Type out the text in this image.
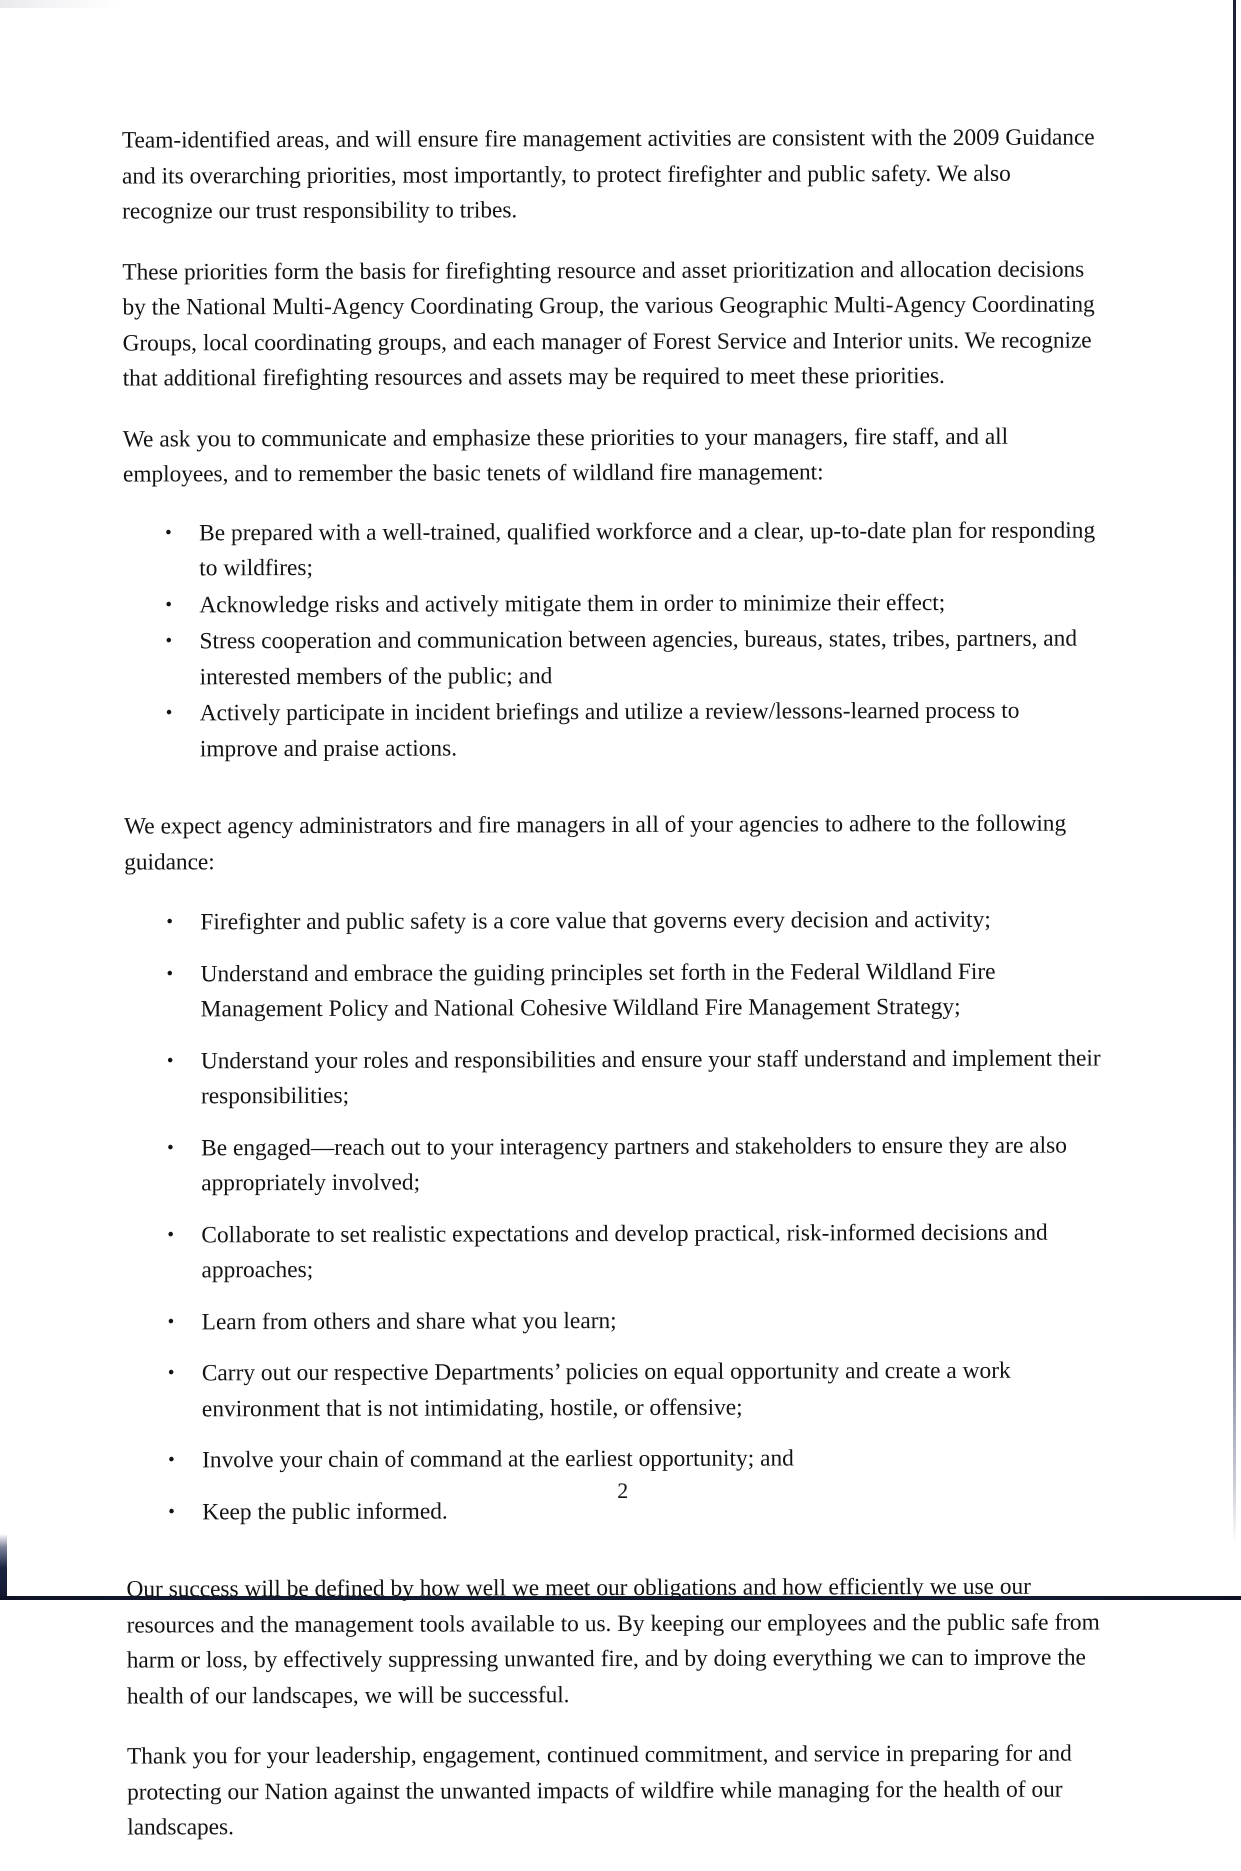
Team-identified areas, and will ensure fire management activities are consistent with the 2009 Guidance and its overarching priorities, most importantly, to protect firefighter and public safety. We also recognize our trust responsibility to tribes.

These priorities form the basis for firefighting resource and asset prioritization and allocation decisions by the National Multi-Agency Coordinating Group, the various Geographic Multi-Agency Coordinating Groups, local coordinating groups, and each manager of Forest Service and Interior units. We recognize that additional firefighting resources and assets may be required to meet these priorities.

We ask you to communicate and emphasize these priorities to your managers, fire staff, and all employees, and to remember the basic tenets of wildland fire management:

• Be prepared with a well-trained, qualified workforce and a clear, up-to-date plan for responding to wildfires;
• Acknowledge risks and actively mitigate them in order to minimize their effect;
• Stress cooperation and communication between agencies, bureaus, states, tribes, partners, and interested members of the public; and
• Actively participate in incident briefings and utilize a review/lessons-learned process to improve and praise actions.

We expect agency administrators and fire managers in all of your agencies to adhere to the following guidance:

• Firefighter and public safety is a core value that governs every decision and activity;
• Understand and embrace the guiding principles set forth in the Federal Wildland Fire Management Policy and National Cohesive Wildland Fire Management Strategy;
• Understand your roles and responsibilities and ensure your staff understand and implement their responsibilities;
• Be engaged—reach out to your interagency partners and stakeholders to ensure they are also appropriately involved;
• Collaborate to set realistic expectations and develop practical, risk-informed decisions and approaches;
• Learn from others and share what you learn;
• Carry out our respective Departments’ policies on equal opportunity and create a work environment that is not intimidating, hostile, or offensive;
• Involve your chain of command at the earliest opportunity; and
• Keep the public informed.

Our success will be defined by how well we meet our obligations and how efficiently we use our resources and the management tools available to us. By keeping our employees and the public safe from harm or loss, by effectively suppressing unwanted fire, and by doing everything we can to improve the health of our landscapes, we will be successful.

Thank you for your leadership, engagement, continued commitment, and service in preparing for and protecting our Nation against the unwanted impacts of wildfire while managing for the health of our landscapes.

2
